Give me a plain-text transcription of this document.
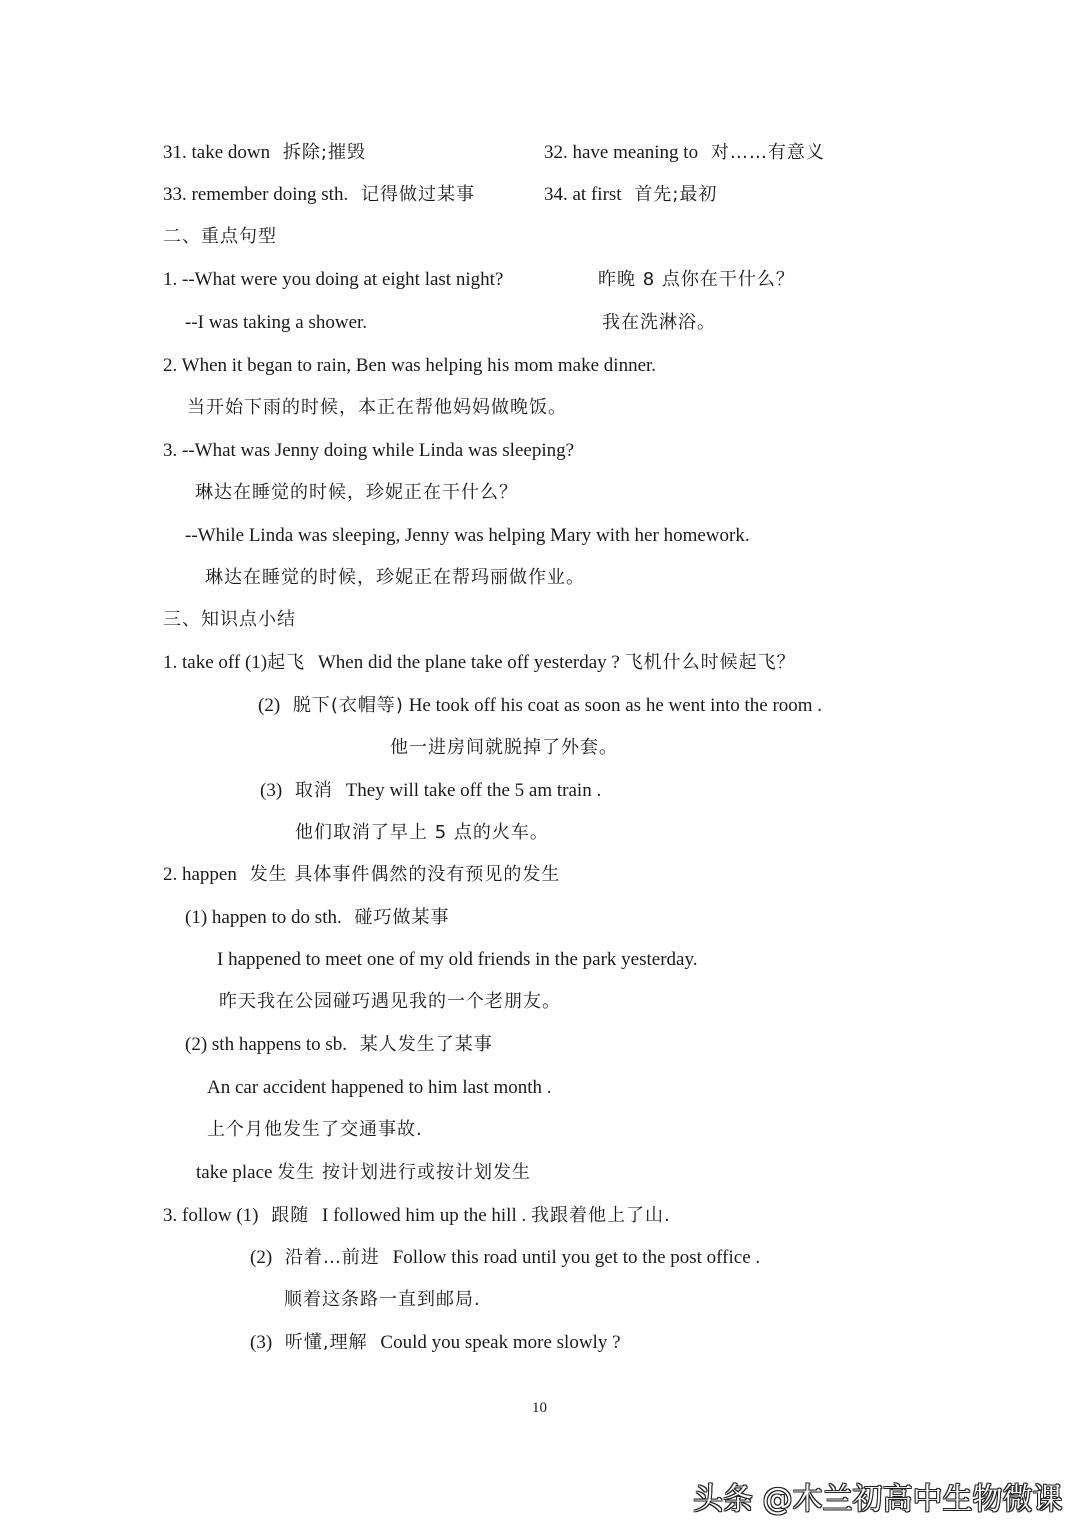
31. take down 拆除;摧毁	32. have meaning to 对……有意义
33. remember doing sth. 记得做过某事	34. at first 首先;最初
二、重点句型
1. --What were you doing at eight last night?	昨晚 8 点你在干什么？
--I was taking a shower.	我在洗淋浴。
2. When it began to rain, Ben was helping his mom make dinner.
当开始下雨的时候，本正在帮他妈妈做晚饭。
3. --What was Jenny doing while Linda was sleeping?
琳达在睡觉的时候，珍妮正在干什么？
--While Linda was sleeping, Jenny was helping Mary with her homework.
琳达在睡觉的时候，珍妮正在帮玛丽做作业。
三、知识点小结
1. take off (1)起飞 When did the plane take off yesterday ? 飞机什么时候起飞？
(2) 脱下(衣帽等) He took off his coat as soon as he went into the room .
他一进房间就脱掉了外套。
(3) 取消 They will take off the 5 am train .
他们取消了早上 5 点的火车。
2. happen 发生 具体事件偶然的没有预见的发生
(1) happen to do sth. 碰巧做某事
I happened to meet one of my old friends in the park yesterday.
昨天我在公园碰巧遇见我的一个老朋友。
(2) sth happens to sb. 某人发生了某事
An car accident happened to him last month .
上个月他发生了交通事故.
take place 发生 按计划进行或按计划发生
3. follow (1) 跟随 I followed him up the hill . 我跟着他上了山.
(2) 沿着…前进 Follow this road until you get to the post office .
顺着这条路一直到邮局.
(3) 听懂,理解 Could you speak more slowly ?
10
头条 @木兰初高中生物微课
